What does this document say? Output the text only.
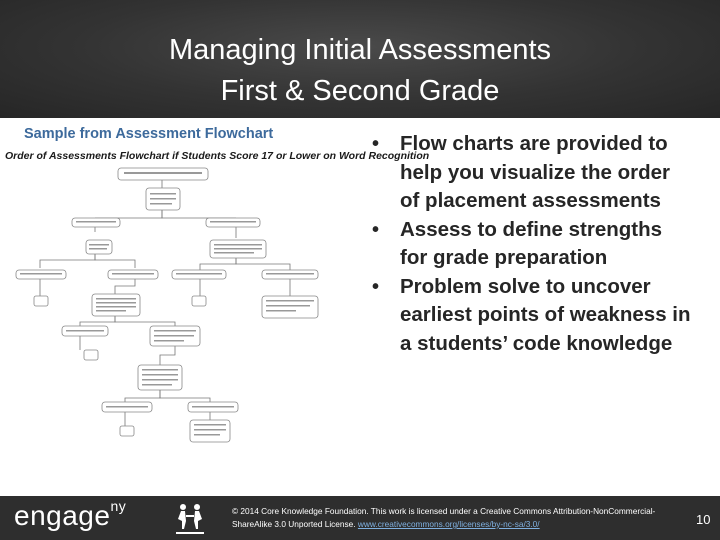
Managing Initial Assessments
First & Second Grade
Sample from Assessment Flowchart
Order of Assessments Flowchart if Students Score 17 or Lower on Word Recognition
• Flow charts are provided to help you visualize the order of placement assessments
• Assess to define strengths for grade preparation
• Problem solve to uncover earliest points of weakness in a students’ code knowledge
engage$^{ny}$	© 2014 Core Knowledge Foundation. This work is licensed under a Creative Commons Attribution-NonCommercial-ShareAlike 3.0 Unported License. www.creativecommons.org/licenses/by-nc-sa/3.0/	10
